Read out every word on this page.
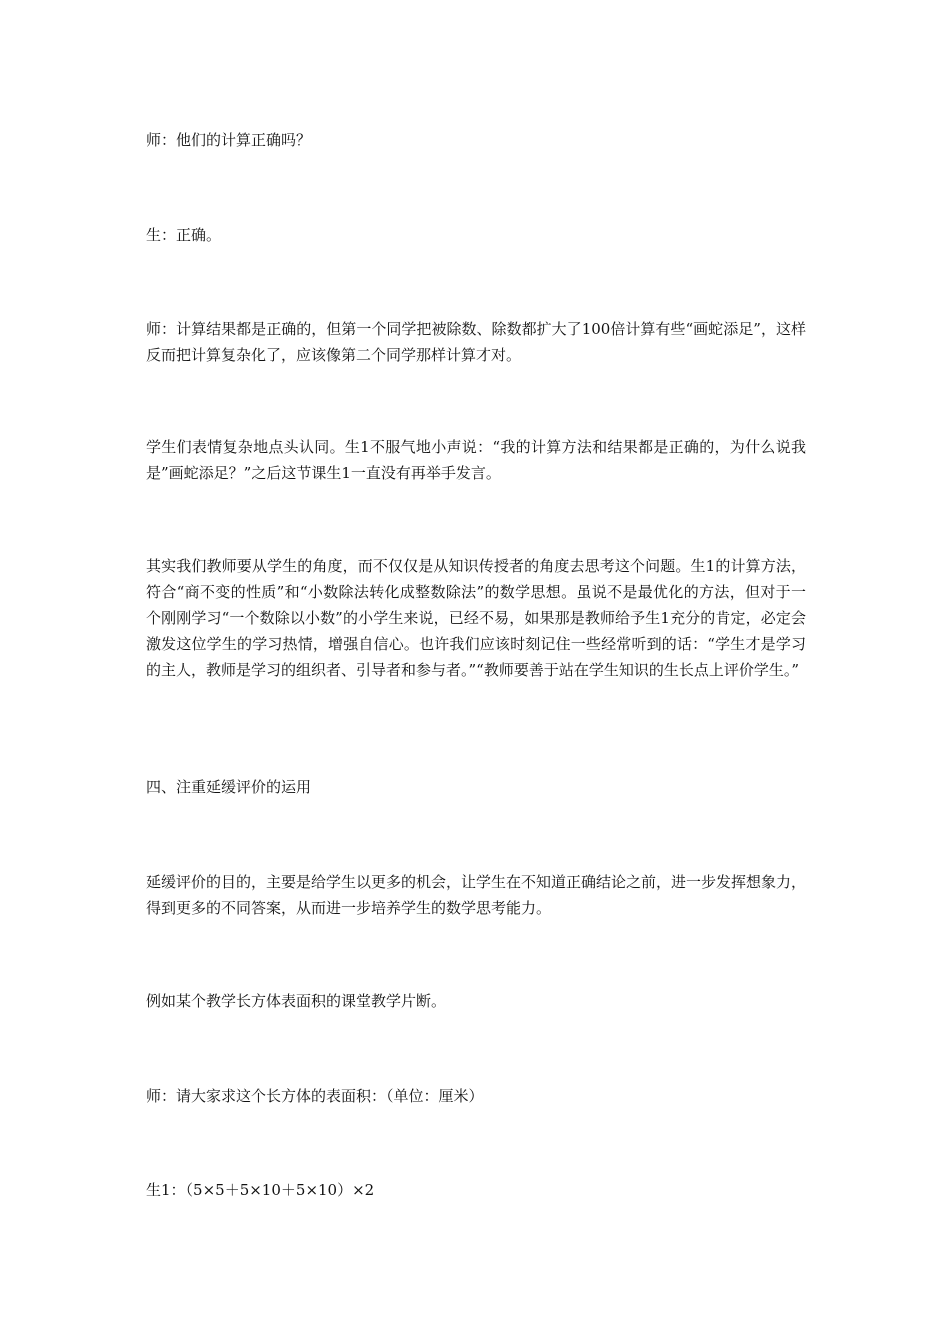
师：他们的计算正确吗？

生：正确。

师：计算结果都是正确的，但第一个同学把被除数、除数都扩大了100倍计算有些“画蛇添足”，这样反而把计算复杂化了，应该像第二个同学那样计算才对。

学生们表情复杂地点头认同。生1不服气地小声说：“我的计算方法和结果都是正确的，为什么说我是”画蛇添足？”之后这节课生1一直没有再举手发言。

其实我们教师要从学生的角度，而不仅仅是从知识传授者的角度去思考这个问题。生1的计算方法，符合“商不变的性质”和“小数除法转化成整数除法”的数学思想。虽说不是最优化的方法，但对于一个刚刚学习“一个数除以小数”的小学生来说，已经不易，如果那是教师给予生1充分的肯定，必定会激发这位学生的学习热情，增强自信心。也许我们应该时刻记住一些经常听到的话：“学生才是学习的主人，教师是学习的组织者、引导者和参与者。”“教师要善于站在学生知识的生长点上评价学生。”

四、注重延缓评价的运用

延缓评价的目的，主要是给学生以更多的机会，让学生在不知道正确结论之前，进一步发挥想象力，得到更多的不同答案，从而进一步培养学生的数学思考能力。

例如某个教学长方体表面积的课堂教学片断。

师：请大家求这个长方体的表面积：（单位：厘米）

生1：（5×5＋5×10＋5×10）×2
